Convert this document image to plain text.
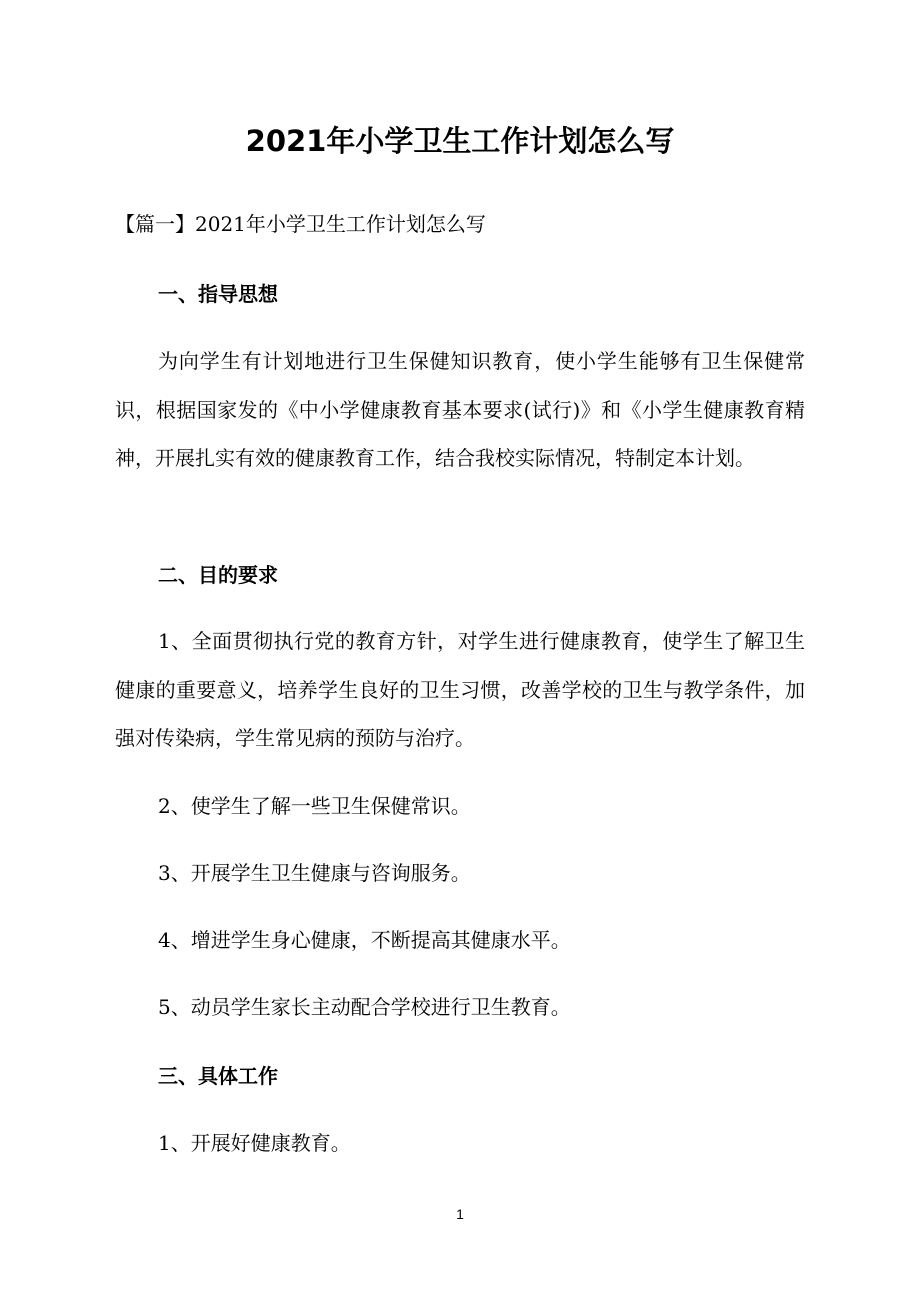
2021年小学卫生工作计划怎么写

【篇一】2021年小学卫生工作计划怎么写

一、指导思想

为向学生有计划地进行卫生保健知识教育，使小学生能够有卫生保健常识，根据国家发的《中小学健康教育基本要求(试行)》和《小学生健康教育精神，开展扎实有效的健康教育工作，结合我校实际情况，特制定本计划。

二、目的要求

1、全面贯彻执行党的教育方针，对学生进行健康教育，使学生了解卫生健康的重要意义，培养学生良好的卫生习惯，改善学校的卫生与教学条件，加强对传染病，学生常见病的预防与治疗。

2、使学生了解一些卫生保健常识。

3、开展学生卫生健康与咨询服务。

4、增进学生身心健康，不断提高其健康水平。

5、动员学生家长主动配合学校进行卫生教育。

三、具体工作

1、开展好健康教育。

1
